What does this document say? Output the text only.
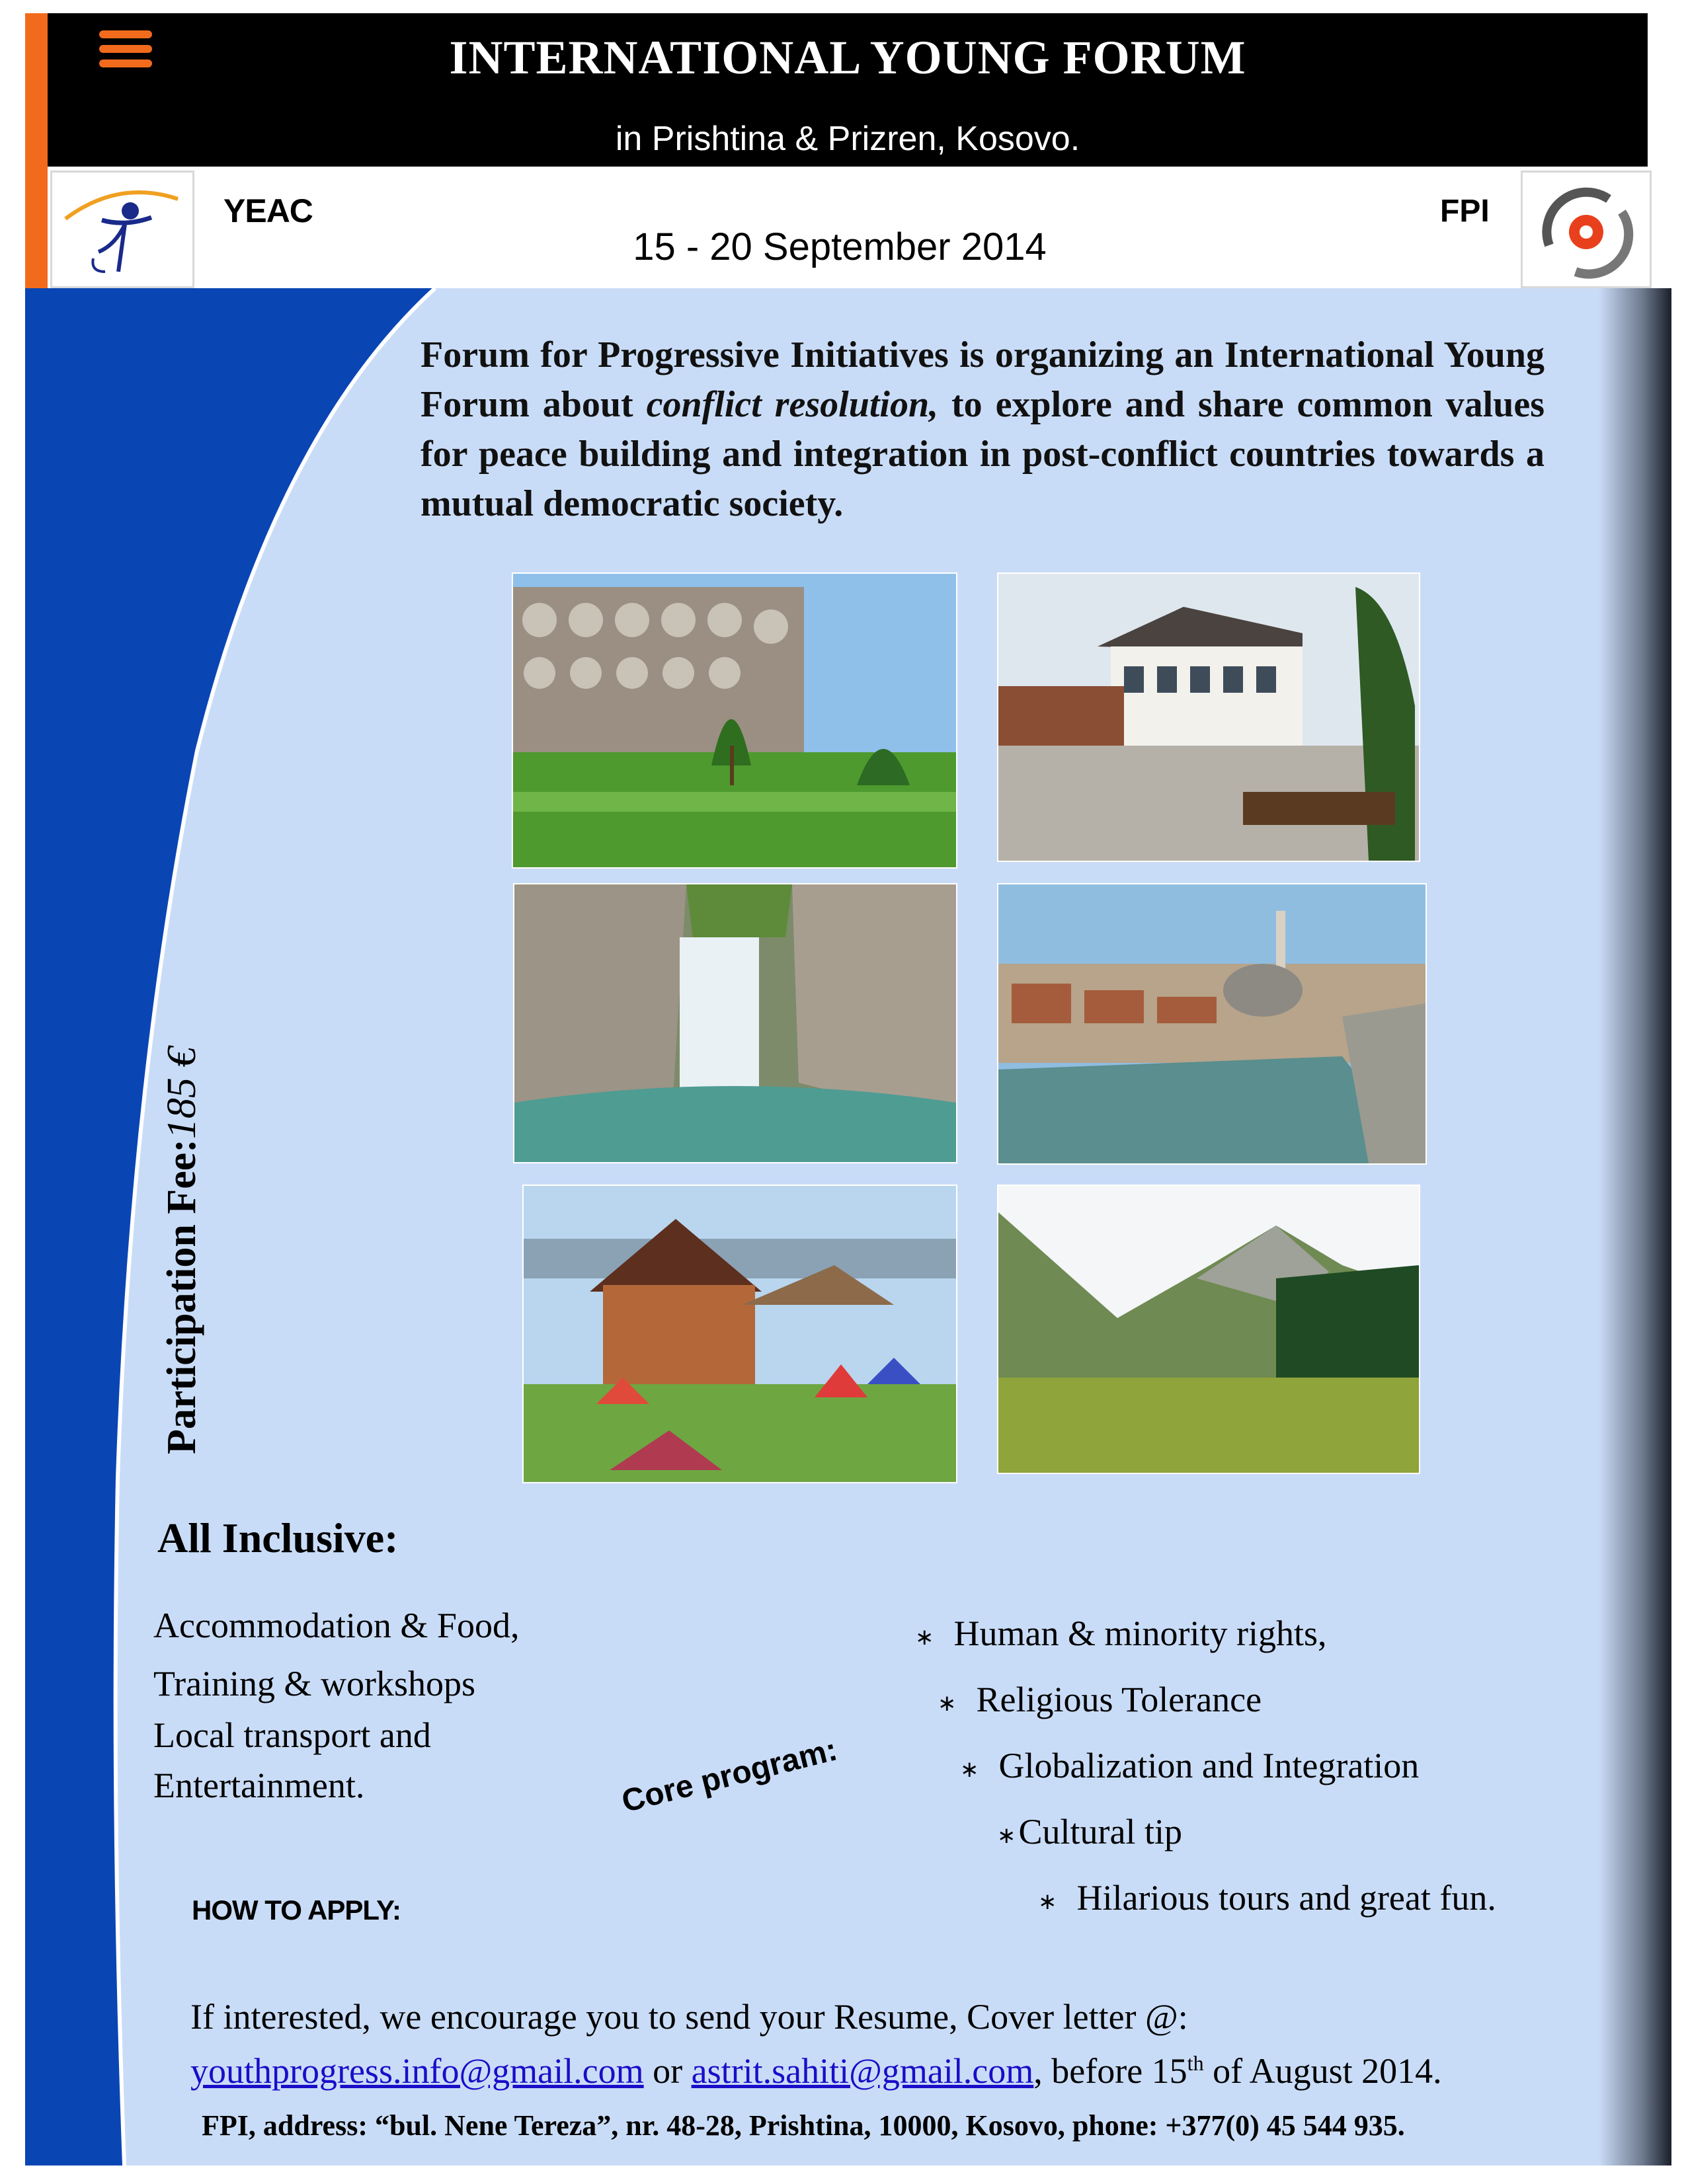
INTERNATIONAL YOUNG FORUM
in Prishtina & Prizren, Kosovo.
YEAC
15 - 20 September 2014
FPI
Forum for Progressive Initiatives is organizing an International Young Forum about conflict resolution, to explore and share common values for peace building and integration in post-conflict countries towards a mutual democratic society.
Participation Fee:185 €
All Inclusive:
Accommodation & Food,
Training & workshops
Local transport and
Entertainment.
∗ Human & minority rights,
∗ Religious Tolerance
∗ Globalization and Integration
∗Cultural tip
∗ Hilarious tours and great fun.
Core program:
HOW TO APPLY:
If interested, we encourage you to send your Resume, Cover letter @:
youthprogress.info@gmail.com or astrit.sahiti@gmail.com, before 15th of August 2014.
FPI, address: “bul. Nene Tereza”, nr. 48-28, Prishtina, 10000, Kosovo, phone: +377(0) 45 544 935.
